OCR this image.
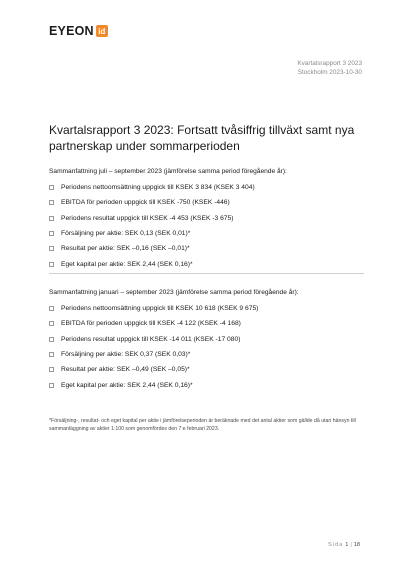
EYEON id
Kvartalsrapport 3 2023
Stockholm 2023-10-30
Kvartalsrapport 3 2023: Fortsatt tvåsiffrig tillväxt samt nya partnerskap under sommarperioden
Sammanfattning juli – september 2023 (jämförelse samma period föregående år):
Periodens nettoomsättning uppgick till KSEK 3 834 (KSEK 3 404)
EBITDA för perioden uppgick till KSEK -750 (KSEK -446)
Periodens resultat uppgick till KSEK -4 453 (KSEK -3 675)
Försäljning per aktie: SEK 0,13 (SEK 0,01)*
Resultat per aktie: SEK –0,16 (SEK –0,01)*
Eget kapital per aktie: SEK 2,44 (SEK 0,16)*
Sammanfattning januari – september 2023 (jämförelse samma period föregående år):
Periodens nettoomsättning uppgick till KSEK 10 618 (KSEK 9 675)
EBITDA för perioden uppgick till KSEK -4 122 (KSEK -4 168)
Periodens resultat uppgick till KSEK -14 011 (KSEK -17 080)
Försäljning per aktie: SEK 0,37 (SEK 0,03)*
Resultat per aktie: SEK –0,49 (SEK –0,05)*
Eget kapital per aktie: SEK 2,44 (SEK 0,16)*
*Försäljning-, resultat- och eget kapital per aktie i jämförelseperioden är beräknade med det antal aktier som gällde då utan hänsyn till sammanläggning av aktier 1:100 som genomfördes den 7:e februari 2023.
Sida 1 | 18
